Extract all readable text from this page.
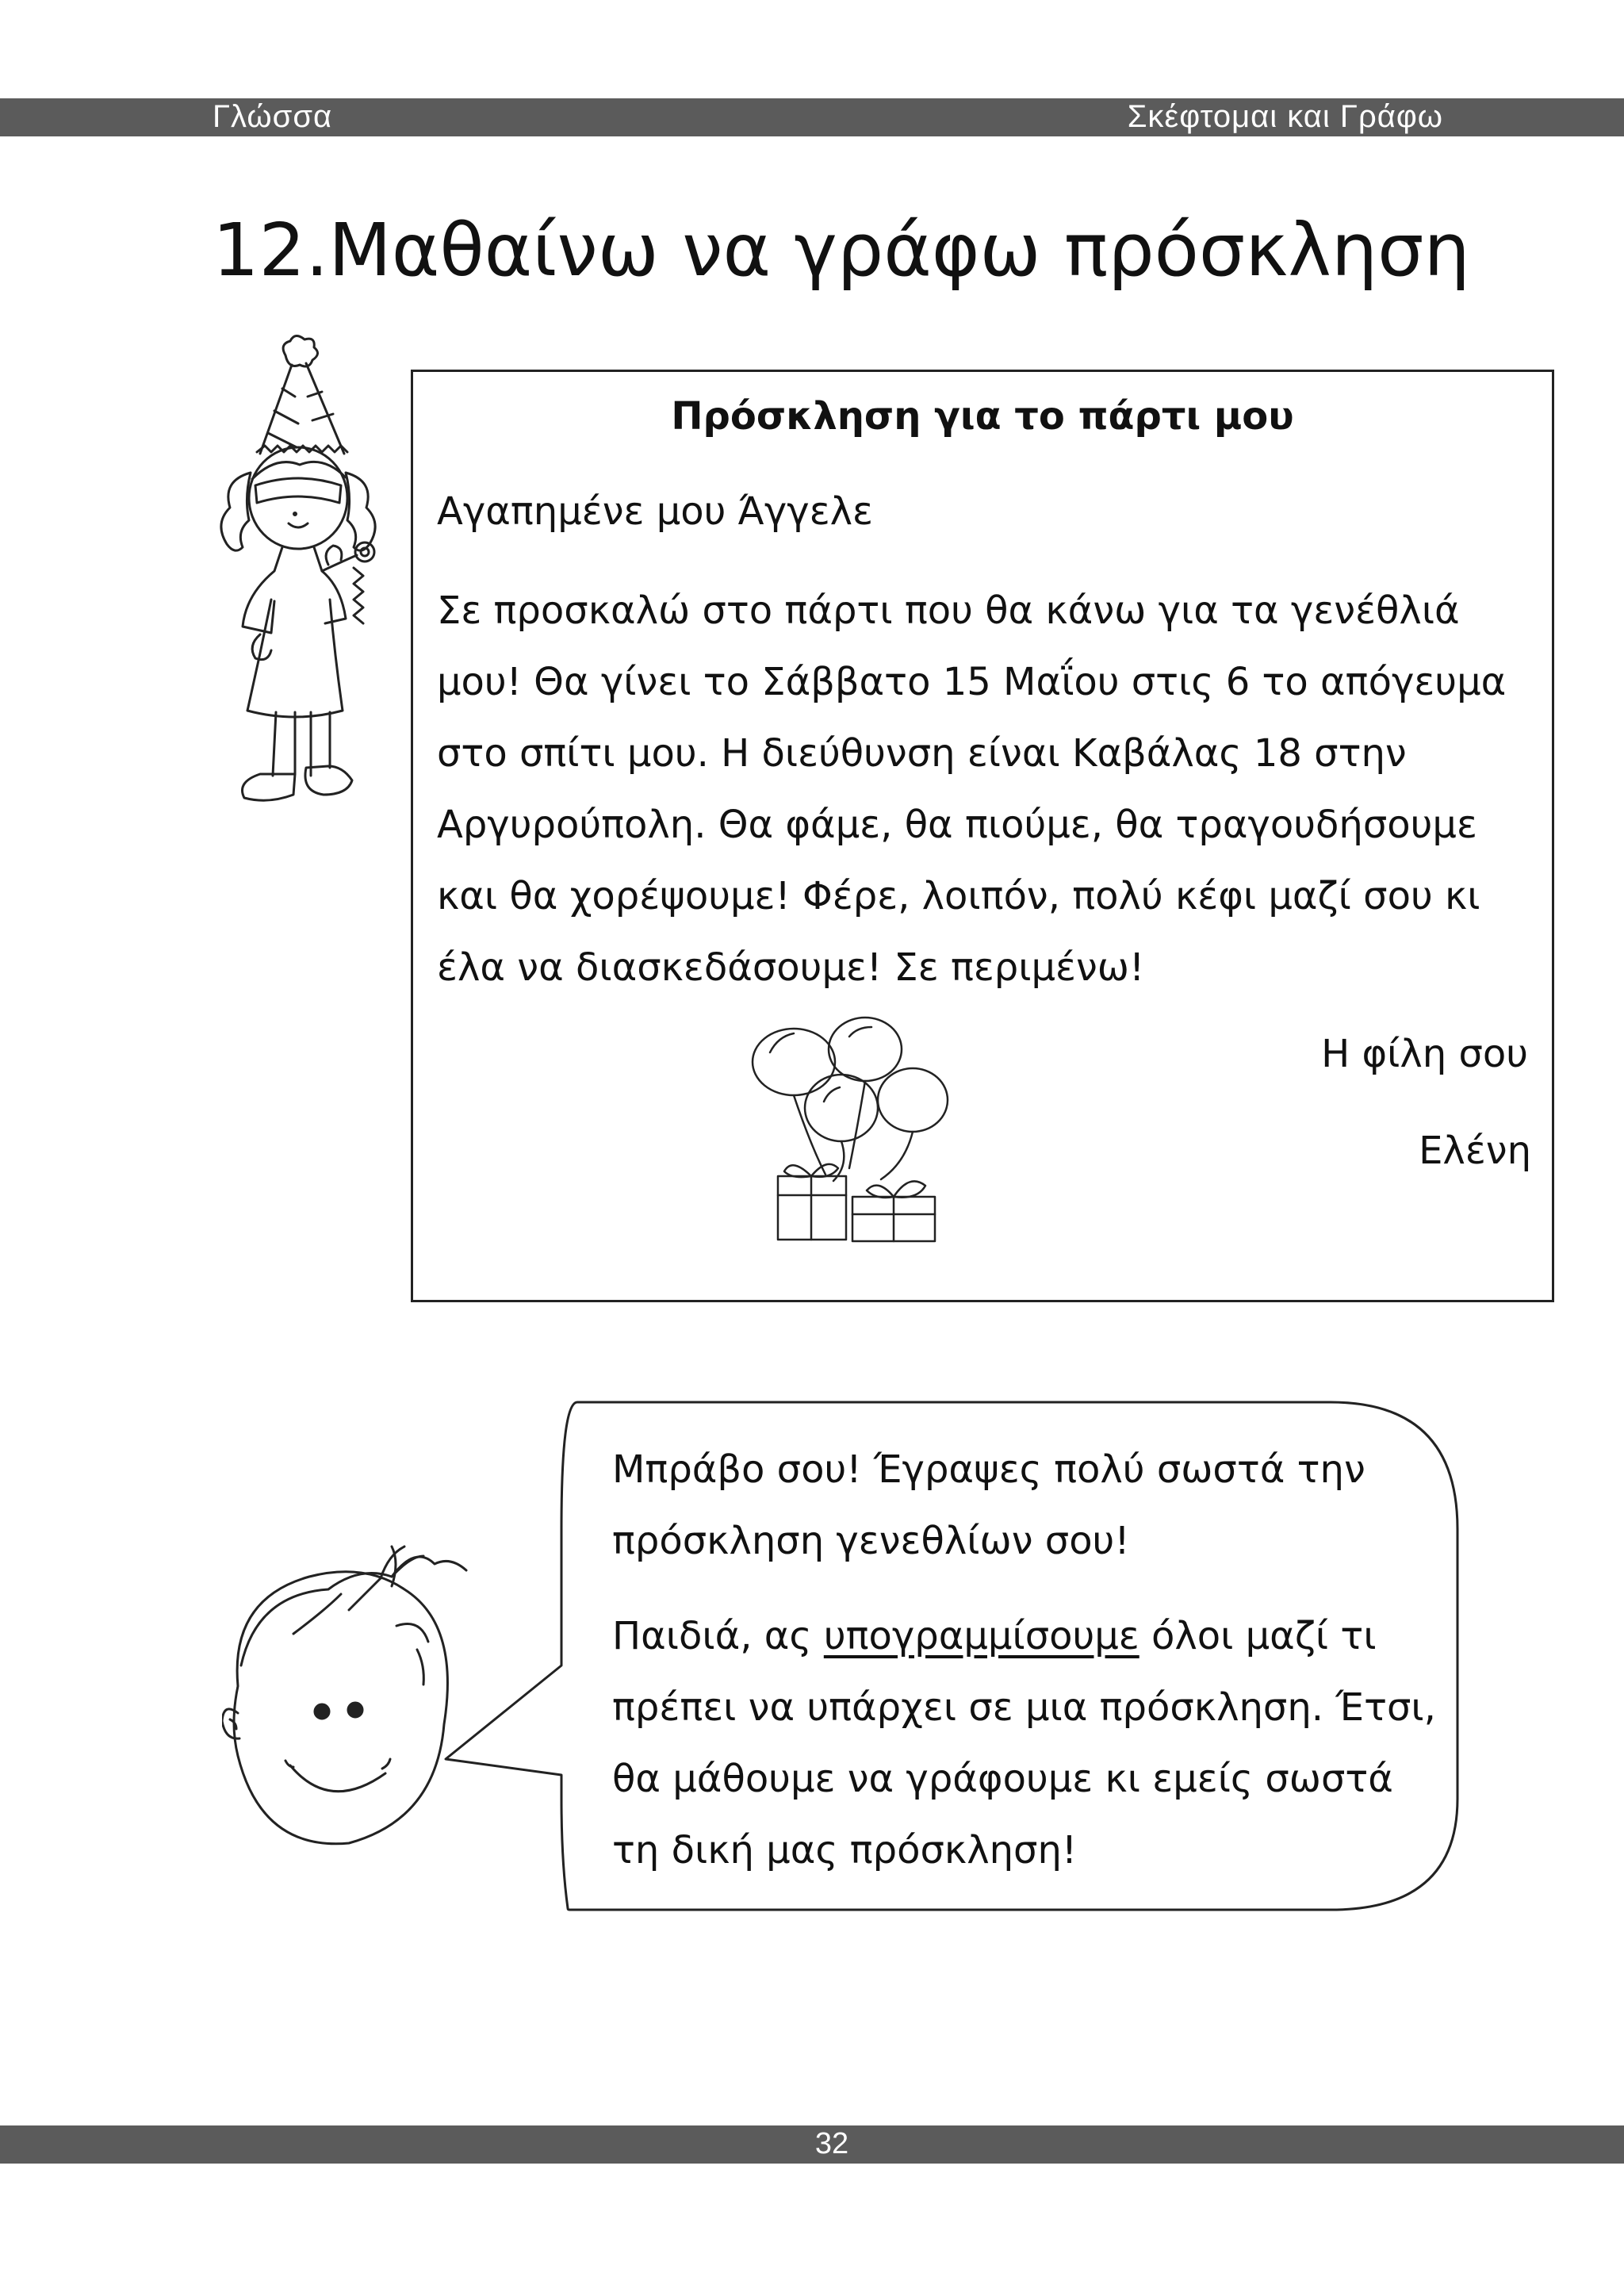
Γλώσσα	Σκέφτομαι και Γράφω
12.Μαθαίνω να γράφω πρόσκληση
Πρόσκληση για το πάρτι μου
Αγαπημένε μου Άγγελε

Σε προσκαλώ στο πάρτι που θα κάνω για τα γενέθλιά μου! Θα γίνει το Σάββατο 15 Μαΐου στις 6 το απόγευμα στο σπίτι μου. Η διεύθυνση είναι Καβάλας 18 στην Αργυρούπολη. Θα φάμε, θα πιούμε, θα τραγουδήσουμε και θα χορέψουμε! Φέρε, λοιπόν, πολύ κέφι μαζί σου κι έλα να διασκεδάσουμε! Σε περιμένω!

Η φίλη σου
Ελένη

Μπράβο σου! Έγραψες πολύ σωστά την πρόσκληση γενεθλίων σου!

Παιδιά, ας υπογραμμίσουμε όλοι μαζί τι πρέπει να υπάρχει σε μια πρόσκληση. Έτσι, θα μάθουμε να γράφουμε κι εμείς σωστά τη δική μας πρόσκληση!

32
